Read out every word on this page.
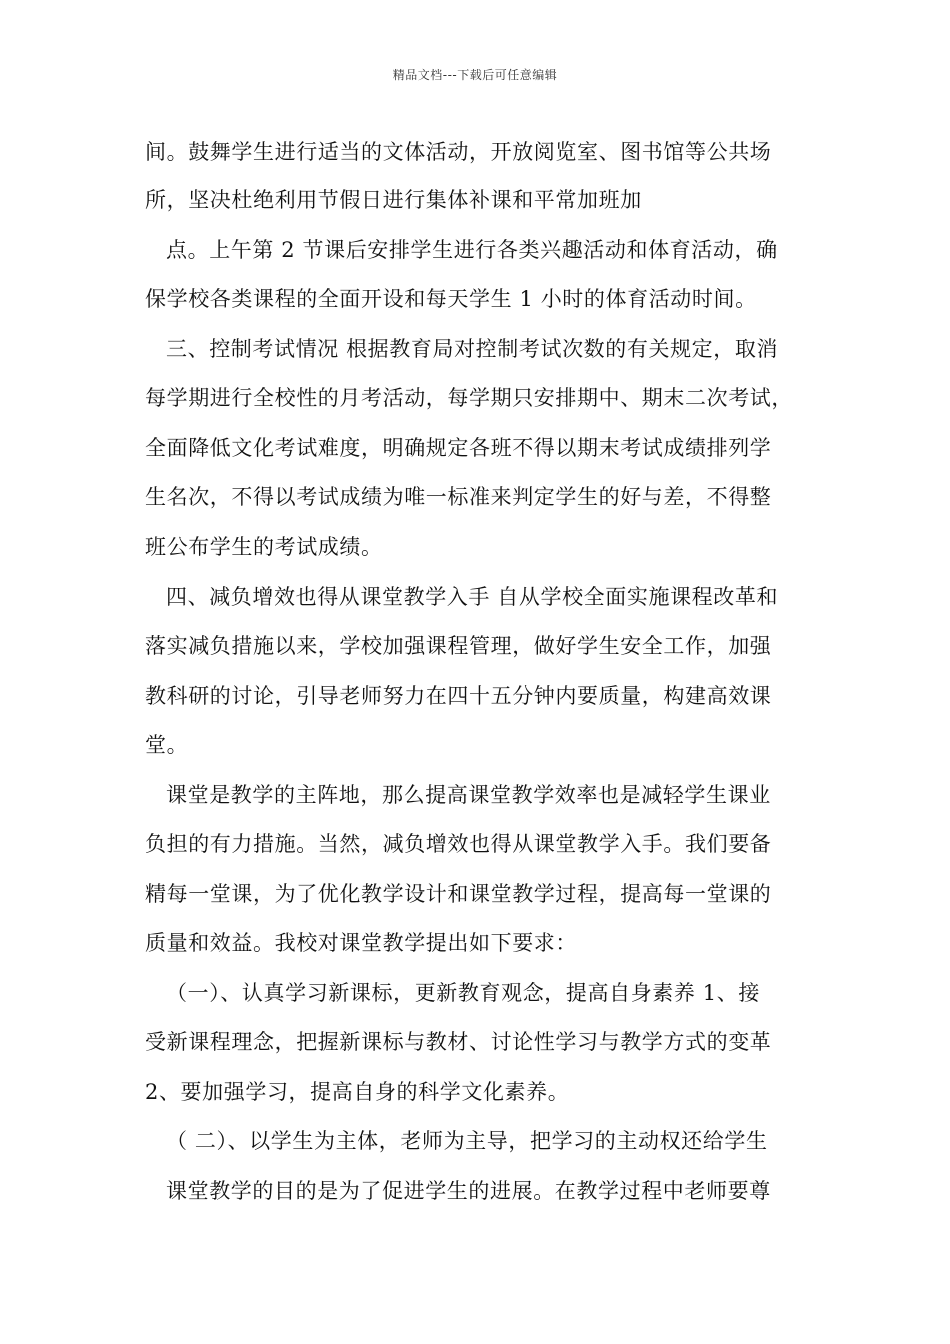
精品文档---下载后可任意编辑
间。鼓舞学生进行适当的文体活动，开放阅览室、图书馆等公共场
所，坚决杜绝利用节假日进行集体补课和平常加班加
点。上午第 2 节课后安排学生进行各类兴趣活动和体育活动，确
保学校各类课程的全面开设和每天学生 1 小时的体育活动时间。
三、控制考试情况 根据教育局对控制考试次数的有关规定，取消
每学期进行全校性的月考活动，每学期只安排期中、期末二次考试，
全面降低文化考试难度，明确规定各班不得以期末考试成绩排列学
生名次，不得以考试成绩为唯一标准来判定学生的好与差，不得整
班公布学生的考试成绩。
四、减负增效也得从课堂教学入手 自从学校全面实施课程改革和
落实减负措施以来，学校加强课程管理，做好学生安全工作，加强
教科研的讨论，引导老师努力在四十五分钟内要质量，构建高效课
堂。
课堂是教学的主阵地，那么提高课堂教学效率也是减轻学生课业
负担的有力措施。当然，减负增效也得从课堂教学入手。我们要备
精每一堂课，为了优化教学设计和课堂教学过程，提高每一堂课的
质量和效益。我校对课堂教学提出如下要求：
（一）、认真学习新课标，更新教育观念，提高自身素养 1、接
受新课程理念，把握新课标与教材、讨论性学习与教学方式的变革
2、要加强学习，提高自身的科学文化素养。
（ 二）、以学生为主体，老师为主导，把学习的主动权还给学生
课堂教学的目的是为了促进学生的进展。在教学过程中老师要尊
